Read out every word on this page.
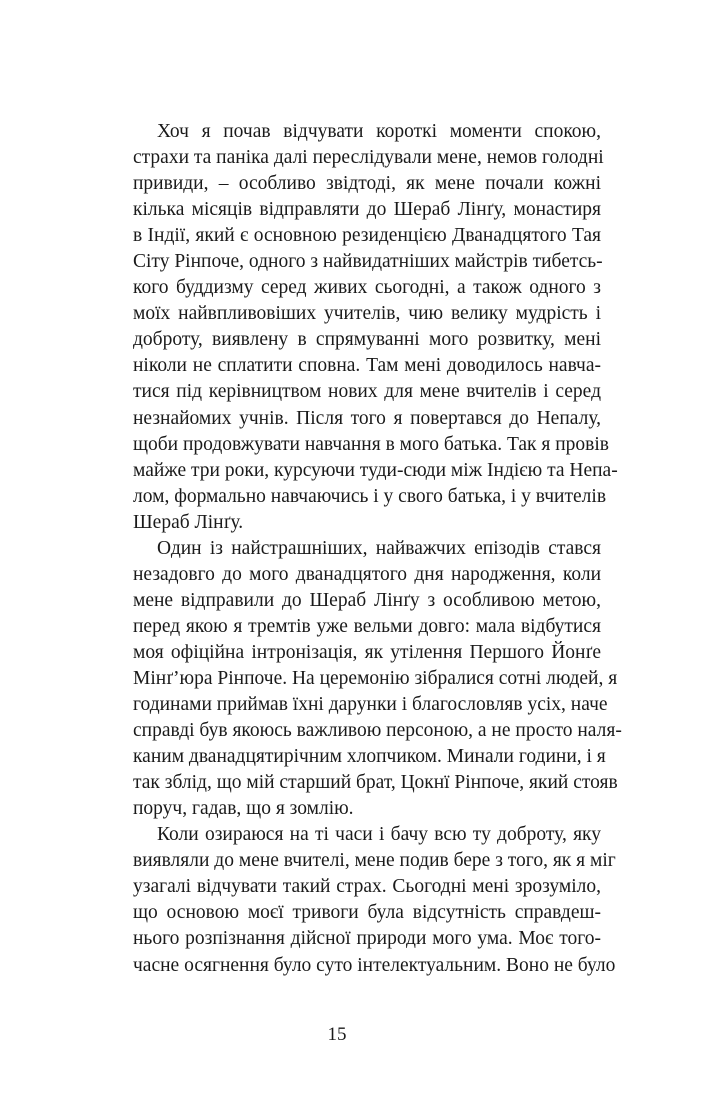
Хоч я почав відчувати короткі моменти спокою,
страхи та паніка далі переслідували мене, немов голодні
привиди, – особливо звідтоді, як мене почали кожні
кілька місяців відправляти до Шераб Лінґу, монастиря
в Індії, який є основною резиденцією Дванадцятого Тая
Сіту Рінпоче, одного з найвидатніших майстрів тибетсь-
кого буддизму серед живих сьогодні, а також одного з
моїх найвпливовіших учителів, чию велику мудрість і
доброту, виявлену в спрямуванні мого розвитку, мені
ніколи не сплатити сповна. Там мені доводилось навча-
тися під керівництвом нових для мене вчителів і серед
незнайомих учнів. Після того я повертався до Непалу,
щоби продовжувати навчання в мого батька. Так я провів
майже три роки, курсуючи туди-сюди між Індією та Непа-
лом, формально навчаючись і у свого батька, і у вчителів
Шераб Лінґу.
Один із найстрашніших, найважчих епізодів стався
незадовго до мого дванадцятого дня народження, коли
мене відправили до Шераб Лінґу з особливою метою,
перед якою я тремтів уже вельми довго: мала відбутися
моя офіційна інтронізація, як утілення Першого Йонґе
Мінґ’юра Рінпоче. На церемонію зібралися сотні людей, я
годинами приймав їхні дарунки і благословляв усіх, наче
справді був якоюсь важливою персоною, а не просто наля-
каним дванадцятирічним хлопчиком. Минали години, і я
так зблід, що мій старший брат, Цокнї Рінпоче, який стояв
поруч, гадав, що я зомлію.
Коли озираюся на ті часи і бачу всю ту доброту, яку
виявляли до мене вчителі, мене подив бере з того, як я міг
узагалі відчувати такий страх. Сьогодні мені зрозуміло,
що основою моєї тривоги була відсутність справдеш-
нього розпізнання дійсної природи мого ума. Моє того-
часне осягнення було суто інтелектуальним. Воно не було
15
